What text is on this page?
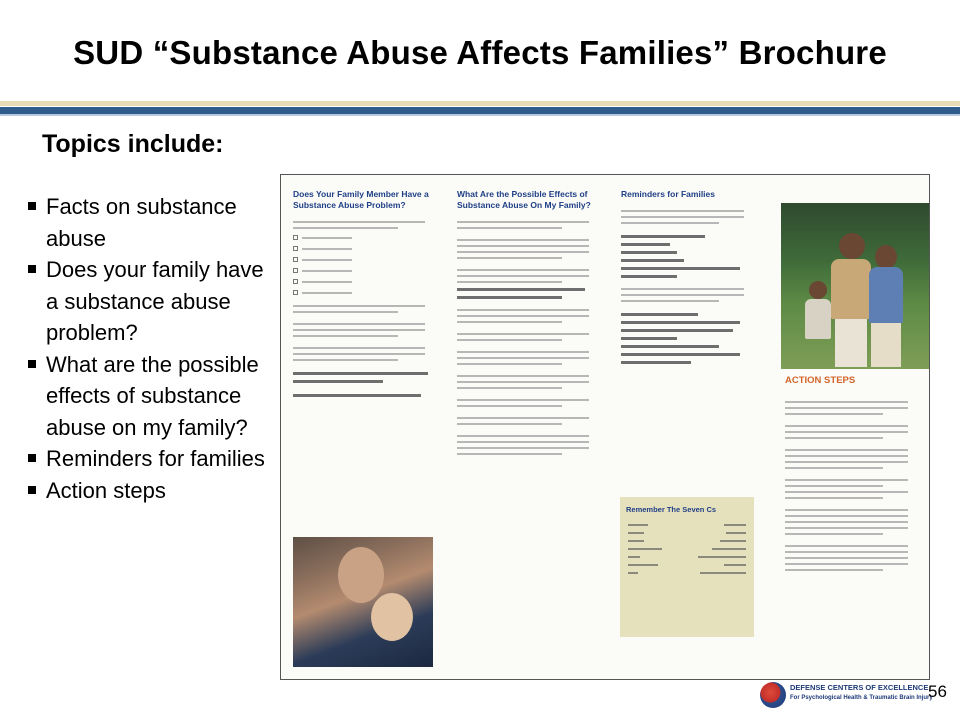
SUD “Substance Abuse Affects Families” Brochure
Topics include:
Facts on substance abuse
Does your family have a substance abuse problem?
What are the possible effects of substance abuse on my family?
Reminders for families
Action steps
Does Your Family Member Have a Substance Abuse Problem?
What Are the Possible Effects of Substance Abuse On My Family?
Reminders for Families
Remember The Seven Cs
ACTION STEPS
DEFENSE CENTERS OF EXCELLENCE
For Psychological Health & Traumatic Brain Injury
56
